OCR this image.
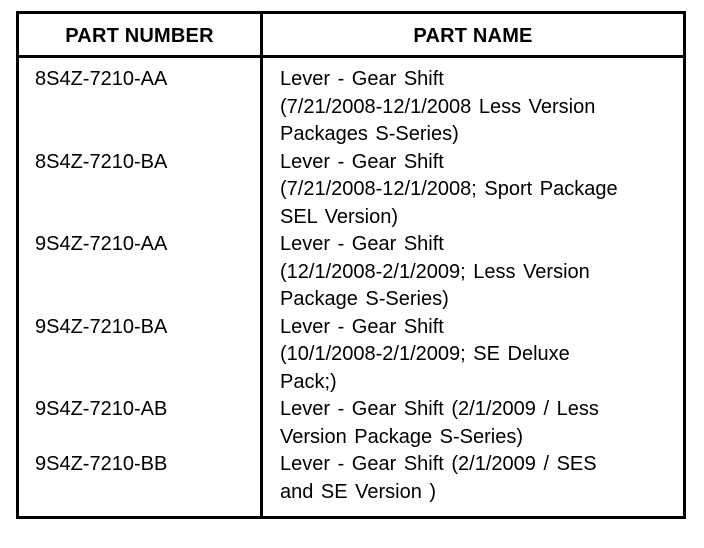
PART NUMBER	PART NAME
8S4Z-7210-AA	Lever - Gear Shift
(7/21/2008-12/1/2008 Less Version
Packages S-Series)
8S4Z-7210-BA	Lever - Gear Shift
(7/21/2008-12/1/2008; Sport Package
SEL Version)
9S4Z-7210-AA	Lever - Gear Shift
(12/1/2008-2/1/2009; Less Version
Package S-Series)
9S4Z-7210-BA	Lever - Gear Shift
(10/1/2008-2/1/2009; SE Deluxe
Pack;)
9S4Z-7210-AB	Lever - Gear Shift (2/1/2009 / Less
Version Package S-Series)
9S4Z-7210-BB	Lever - Gear Shift (2/1/2009 / SES
and SE Version )
